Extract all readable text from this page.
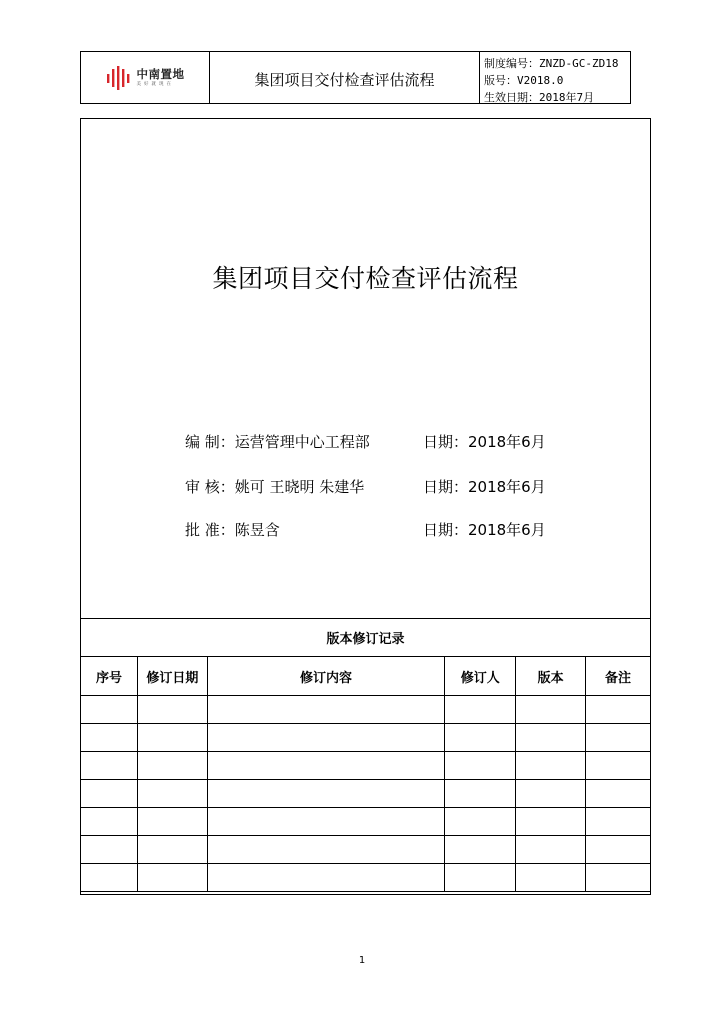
中南置地
美好就现在	集团项目交付检查评估流程
制度编号：ZNZD-GC-ZD18
版号：V2018.0
生效日期：2018年7月
集团项目交付检查评估流程
编 制：运营管理中心工程部	日期：2018年6月
审 核：姚可 王晓明 朱建华	日期：2018年6月
批 准：陈昱含	日期：2018年6月
版本修订记录
序号	修订日期	修订内容	修订人	版本	备注

1
